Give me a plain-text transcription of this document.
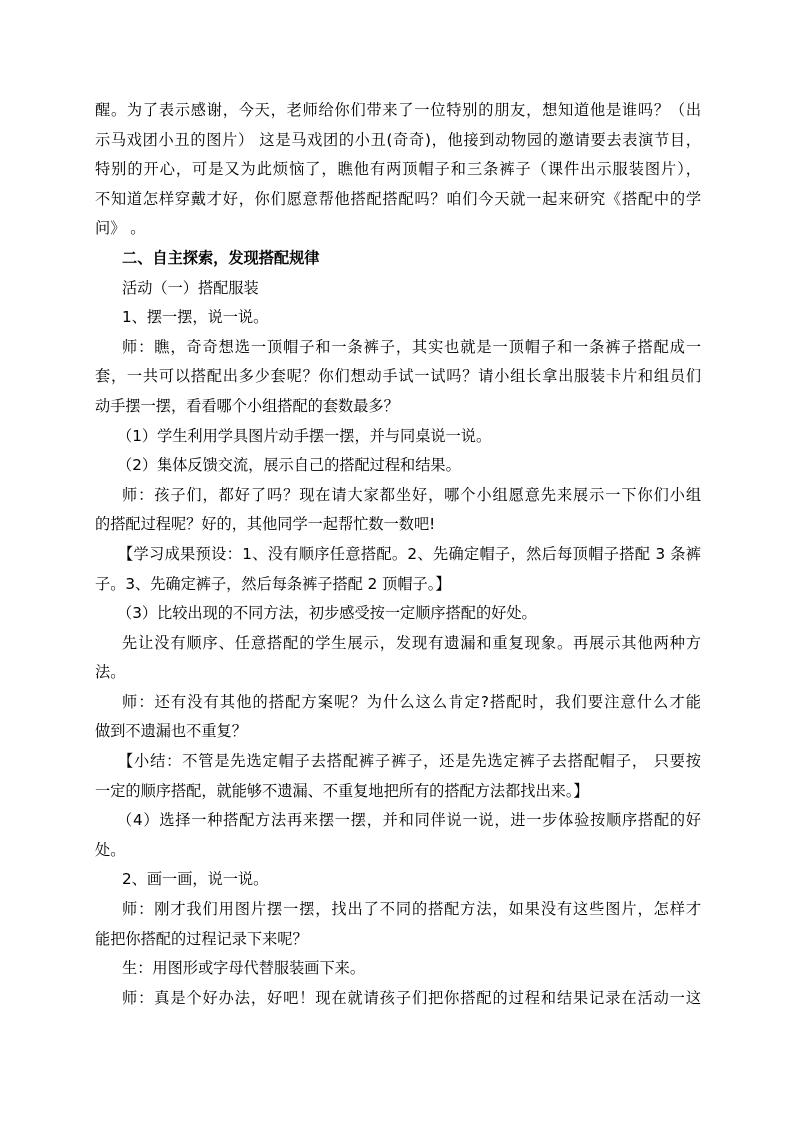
醒。为了表示感谢，今天，老师给你们带来了一位特别的朋友，想知道他是谁吗？（出
示马戏团小丑的图片） 这是马戏团的小丑(奇奇)，他接到动物园的邀请要去表演节目，
特别的开心，可是又为此烦恼了，瞧他有两顶帽子和三条裤子（课件出示服装图片），
不知道怎样穿戴才好，你们愿意帮他搭配搭配吗？咱们今天就一起来研究《搭配中的学
问》 。
二、自主探索，发现搭配规律
活动（一）搭配服装
1、摆一摆，说一说。
师：瞧，奇奇想选一顶帽子和一条裤子，其实也就是一顶帽子和一条裤子搭配成一
套，一共可以搭配出多少套呢？你们想动手试一试吗？请小组长拿出服装卡片和组员们
动手摆一摆，看看哪个小组搭配的套数最多？
（1）学生利用学具图片动手摆一摆，并与同桌说一说。
（2）集体反馈交流，展示自己的搭配过程和结果。
师：孩子们，都好了吗？现在请大家都坐好，哪个小组愿意先来展示一下你们小组
的搭配过程呢？好的，其他同学一起帮忙数一数吧!
【学习成果预设：1、没有顺序任意搭配。2、先确定帽子，然后每顶帽子搭配 3 条裤
子。3、先确定裤子，然后每条裤子搭配 2 顶帽子。】
（3）比较出现的不同方法，初步感受按一定顺序搭配的好处。
先让没有顺序、任意搭配的学生展示，发现有遗漏和重复现象。再展示其他两种方
法。
师：还有没有其他的搭配方案呢？为什么这么肯定?搭配时，我们要注意什么才能
做到不遗漏也不重复？
【小结：不管是先选定帽子去搭配裤子裤子，还是先选定裤子去搭配帽子， 只要按
一定的顺序搭配，就能够不遗漏、不重复地把所有的搭配方法都找出来。】
（4）选择一种搭配方法再来摆一摆，并和同伴说一说，进一步体验按顺序搭配的好
处。
2、画一画，说一说。
师：刚才我们用图片摆一摆，找出了不同的搭配方法，如果没有这些图片，怎样才
能把你搭配的过程记录下来呢？
生：用图形或字母代替服装画下来。
师：真是个好办法，好吧！现在就请孩子们把你搭配的过程和结果记录在活动一这
